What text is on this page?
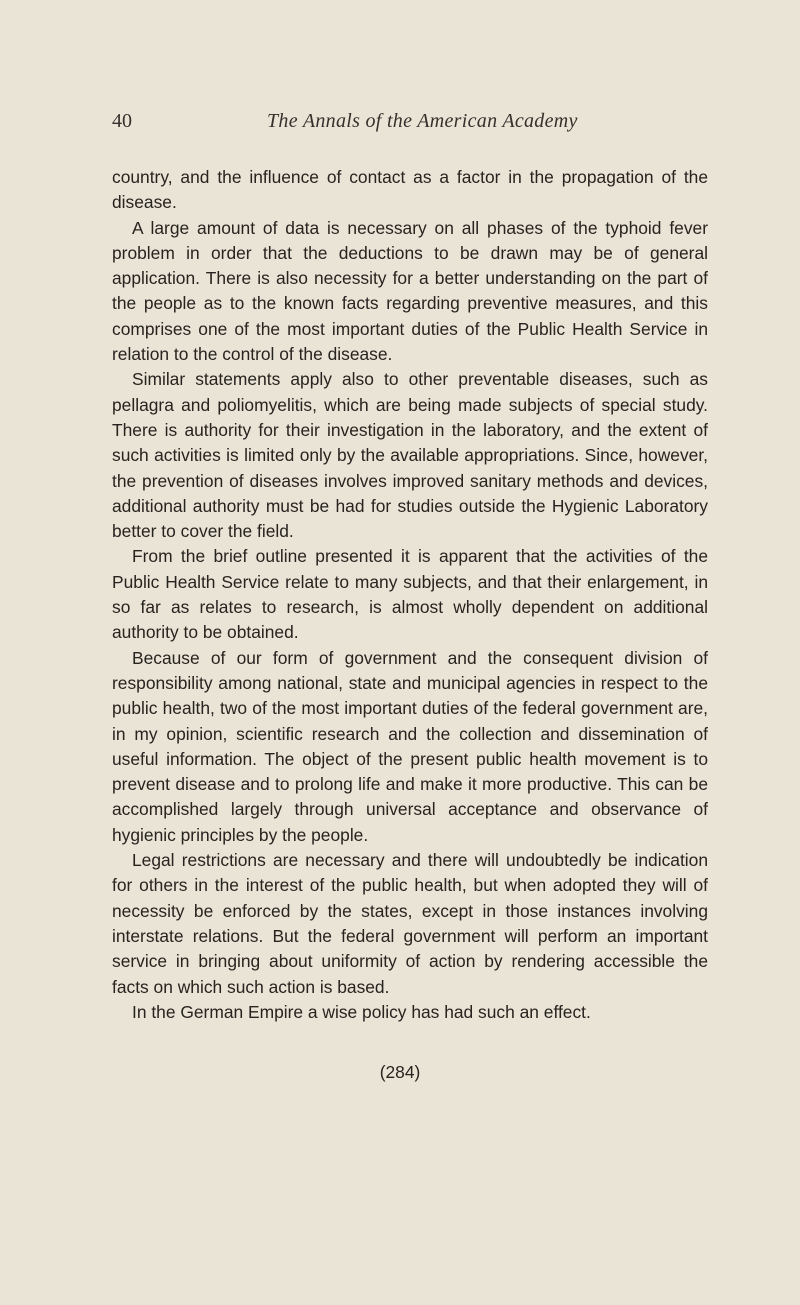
40	The Annals of the American Academy

country, and the influence of contact as a factor in the propagation of the disease.

A large amount of data is necessary on all phases of the typhoid fever problem in order that the deductions to be drawn may be of general application. There is also necessity for a better understanding on the part of the people as to the known facts regarding preventive measures, and this comprises one of the most important duties of the Public Health Service in relation to the control of the disease.

Similar statements apply also to other preventable diseases, such as pellagra and poliomyelitis, which are being made subjects of special study. There is authority for their investigation in the laboratory, and the extent of such activities is limited only by the available appropriations. Since, however, the prevention of diseases involves improved sanitary methods and devices, additional authority must be had for studies outside the Hygienic Laboratory better to cover the field.

From the brief outline presented it is apparent that the activities of the Public Health Service relate to many subjects, and that their enlargement, in so far as relates to research, is almost wholly dependent on additional authority to be obtained.

Because of our form of government and the consequent division of responsibility among national, state and municipal agencies in respect to the public health, two of the most important duties of the federal government are, in my opinion, scientific research and the collection and dissemination of useful information. The object of the present public health movement is to prevent disease and to prolong life and make it more productive. This can be accomplished largely through universal acceptance and observance of hygienic principles by the people.

Legal restrictions are necessary and there will undoubtedly be indication for others in the interest of the public health, but when adopted they will of necessity be enforced by the states, except in those instances involving interstate relations. But the federal government will perform an important service in bringing about uniformity of action by rendering accessible the facts on which such action is based.

In the German Empire a wise policy has had such an effect.

(284)
